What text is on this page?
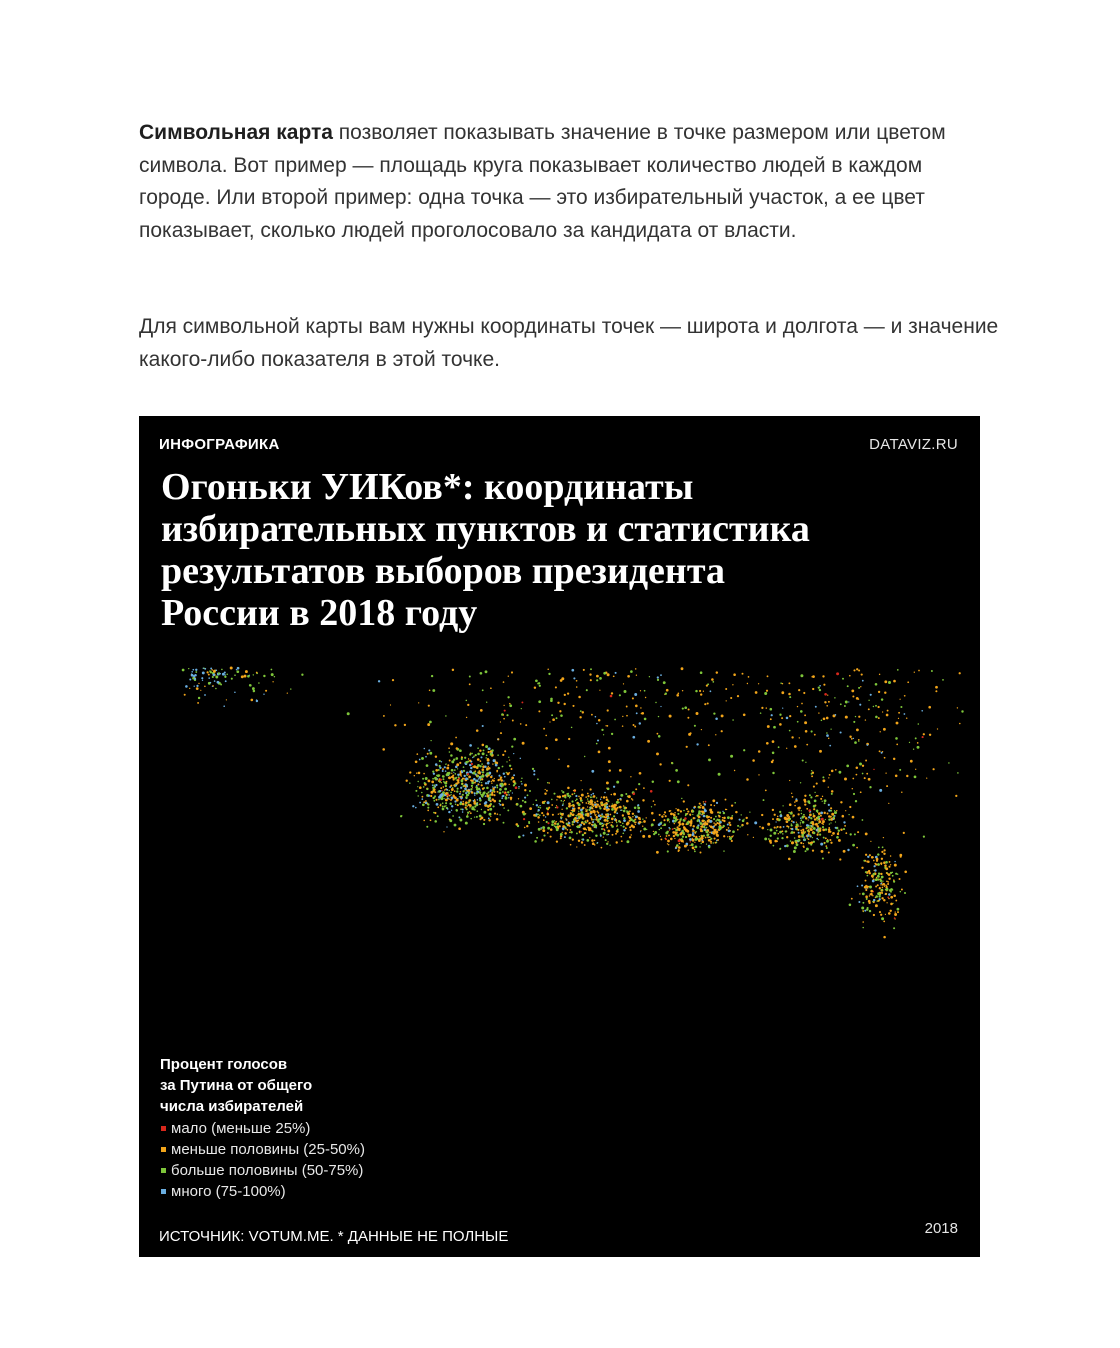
Символьная карта позволяет показывать значение в точке размером или цветом символа. Вот пример — площадь круга показывает количество людей в каждом городе. Или второй пример: одна точка — это избирательный участок, а ее цвет показывает, сколько людей проголосовало за кандидата от власти.

Для символьной карты вам нужны координаты точек — широта и долгота — и значение какого-либо показателя в этой точке.

ИНФОГРАФИКА	DATAVIZ.RU
Огоньки УИКов*: координаты
избирательных пунктов и статистика
результатов выборов президента
России в 2018 году
Процент голосов
за Путина от общего
числа избирателей
мало (меньше 25%)
меньше половины (25-50%)
больше половины (50-75%)
много (75-100%)
ИСТОЧНИК: VOTUM.ME. * ДАННЫЕ НЕ ПОЛНЫЕ	2018
